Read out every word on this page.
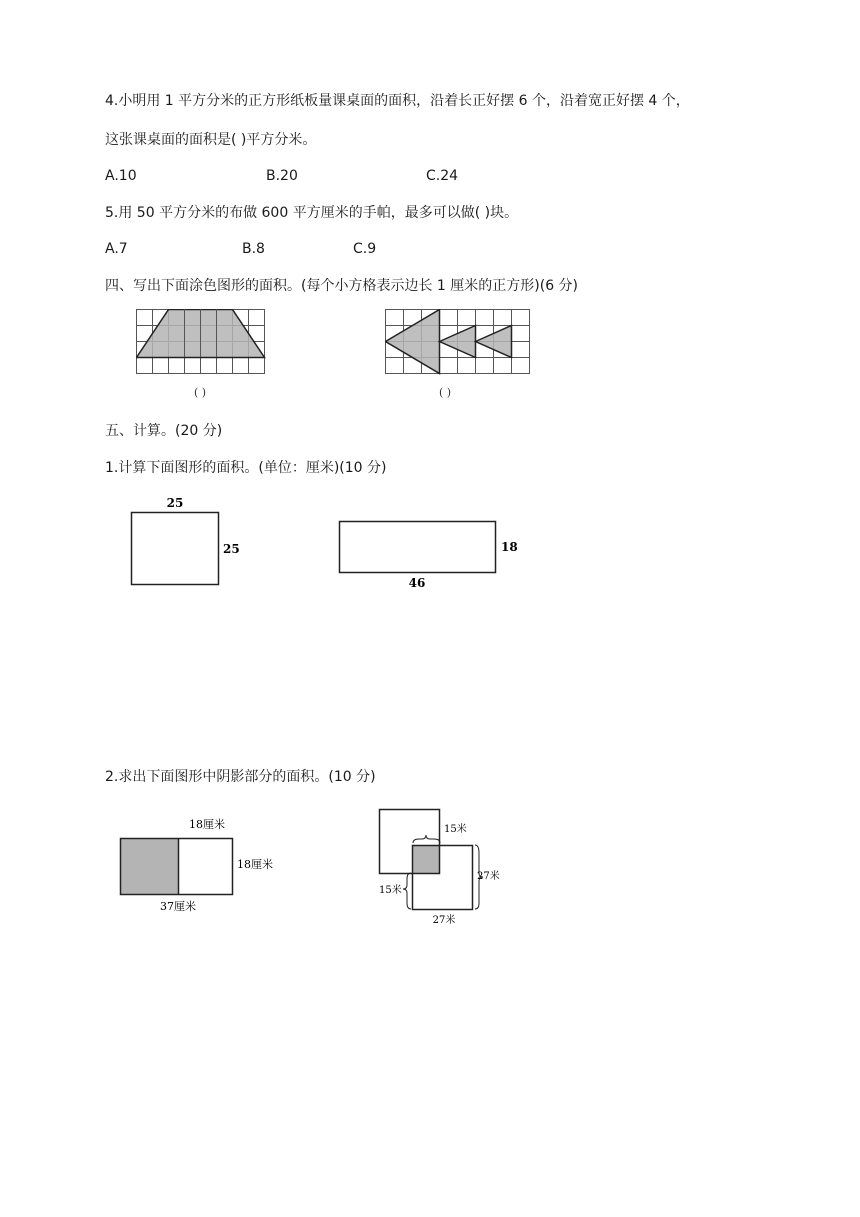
4.小明用 1 平方分米的正方形纸板量课桌面的面积，沿着长正好摆 6 个，沿着宽正好摆 4 个，
这张课桌面的面积是( )平方分米。
A.10	B.20	C.24
5.用 50 平方分米的布做 600 平方厘米的手帕，最多可以做( )块。
A.7	B.8	C.9
四、写出下面涂色图形的面积。(每个小方格表示边长 1 厘米的正方形)(6 分)
( )	( )
五、计算。(20 分)
1.计算下面图形的面积。(单位：厘米)(10 分)
25
25	18
46
2.求出下面图形中阴影部分的面积。(10 分)
18厘米
18厘米
37厘米
15米
15米
27米
27米
